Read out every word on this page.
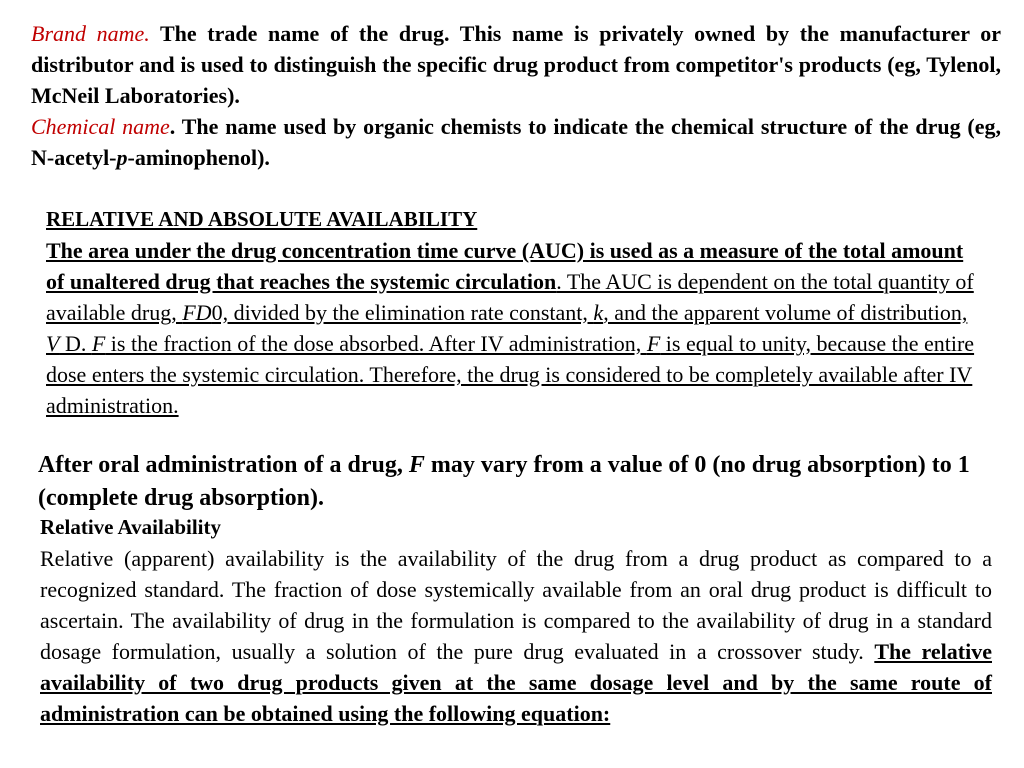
Brand name. The trade name of the drug. This name is privately owned by the manufacturer or distributor and is used to distinguish the specific drug product from competitor's products (eg, Tylenol, McNeil Laboratories).
Chemical name. The name used by organic chemists to indicate the chemical structure of the drug (eg, N-acetyl-p-aminophenol).
RELATIVE AND ABSOLUTE AVAILABILITY
The area under the drug concentration time curve (AUC) is used as a measure of the total amount of unaltered drug that reaches the systemic circulation. The AUC is dependent on the total quantity of available drug, FD0, divided by the elimination rate constant, k, and the apparent volume of distribution, V D. F is the fraction of the dose absorbed. After IV administration, F is equal to unity, because the entire dose enters the systemic circulation. Therefore, the drug is considered to be completely available after IV administration.
After oral administration of a drug, F may vary from a value of 0 (no drug absorption) to 1 (complete drug absorption).
Relative Availability
Relative (apparent) availability is the availability of the drug from a drug product as compared to a recognized standard. The fraction of dose systemically available from an oral drug product is difficult to ascertain. The availability of drug in the formulation is compared to the availability of drug in a standard dosage formulation, usually a solution of the pure drug evaluated in a crossover study. The relative availability of two drug products given at the same dosage level and by the same route of administration can be obtained using the following equation:
